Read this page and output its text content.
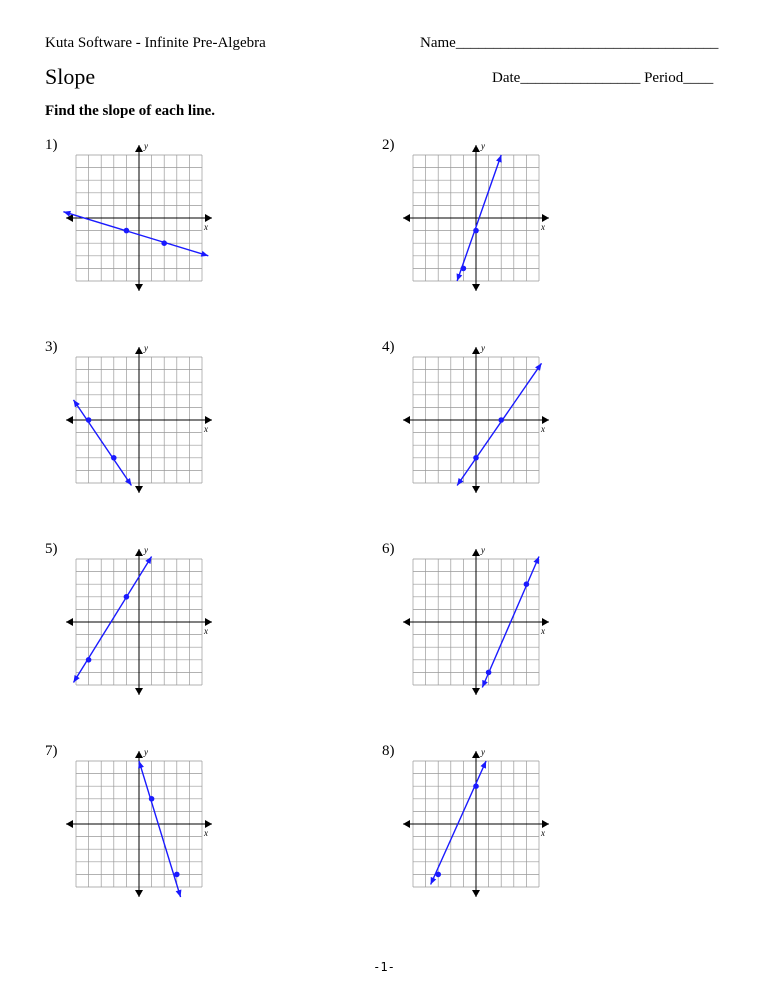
Kuta Software - Infinite Pre-Algebra	Name___________________________________
Slope	Date________________ Period____
Find the slope of each line.
1)
x
y	2)
x
y
3)
x
y	4)
x
y
5)
x
y	6)
x
y
7)
x
y	8)
x
y
-1-
